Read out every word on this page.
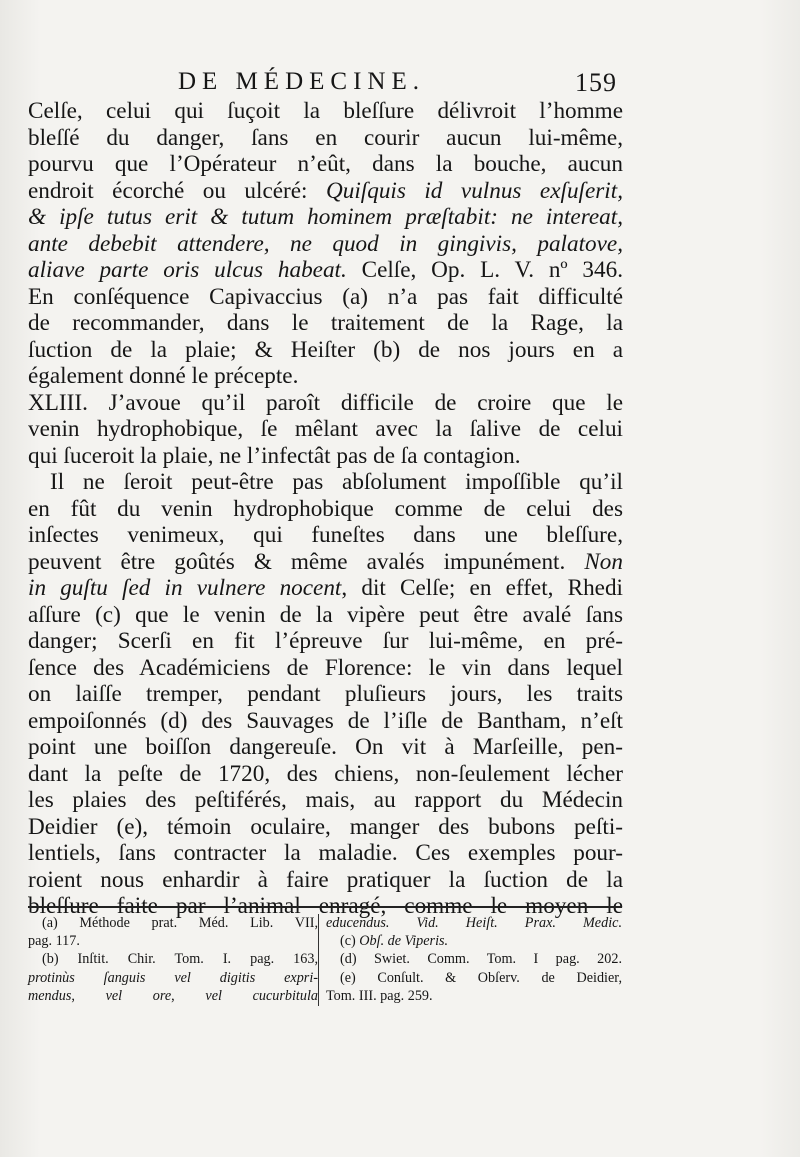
DE MÉDECINE.	159
Celſe, celui qui ſuçoit la bleſſure délivroit l’homme
bleſſé du danger, ſans en courir aucun lui-même,
pourvu que l’Opérateur n’eût, dans la bouche, aucun
endroit écorché ou ulcéré: Quiſquis id vulnus exſuſerit,
& ipſe tutus erit & tutum hominem præſtabit: ne intereat,
ante debebit attendere, ne quod in gingivis, palatove,
aliave parte oris ulcus habeat. Celſe, Op. L. V. nº 346.
En conſéquence Capivaccius (a) n’a pas fait difficulté
de recommander, dans le traitement de la Rage, la
ſuction de la plaie; & Heiſter (b) de nos jours en a
également donné le précepte.
XLIII. J’avoue qu’il paroît difficile de croire que le
venin hydrophobique, ſe mêlant avec la ſalive de celui
qui ſuceroit la plaie, ne l’infectât pas de ſa contagion.
Il ne ſeroit peut-être pas abſolument impoſſible qu’il
en fût du venin hydrophobique comme de celui des
inſectes venimeux, qui funeſtes dans une bleſſure,
peuvent être goûtés & même avalés impunément. Non
in guſtu ſed in vulnere nocent, dit Celſe; en effet, Rhedi
aſſure (c) que le venin de la vipère peut être avalé ſans
danger; Scerſi en fit l’épreuve ſur lui-même, en pré-
ſence des Académiciens de Florence: le vin dans lequel
on laiſſe tremper, pendant pluſieurs jours, les traits
empoiſonnés (d) des Sauvages de l’iſle de Bantham, n’eſt
point une boiſſon dangereuſe. On vit à Marſeille, pen-
dant la peſte de 1720, des chiens, non-ſeulement lécher
les plaies des peſtiférés, mais, au rapport du Médecin
Deidier (e), témoin oculaire, manger des bubons peſti-
lentiels, ſans contracter la maladie. Ces exemples pour-
roient nous enhardir à faire pratiquer la ſuction de la
bleſſure faite par l’animal enragé, comme le moyen le
(a) Méthode prat. Méd. Lib. VII,
pag. 117.
(b) Inſtit. Chir. Tom. I. pag. 163,
protinùs ſanguis vel digitis expri-
mendus, vel ore, vel cucurbitula
educendus. Vid. Heiſt. Prax. Medic.
(c) Obſ. de Viperis.
(d) Swiet. Comm. Tom. I pag. 202.
(e) Conſult. & Obſerv. de Deidier,
Tom. III. pag. 259.
